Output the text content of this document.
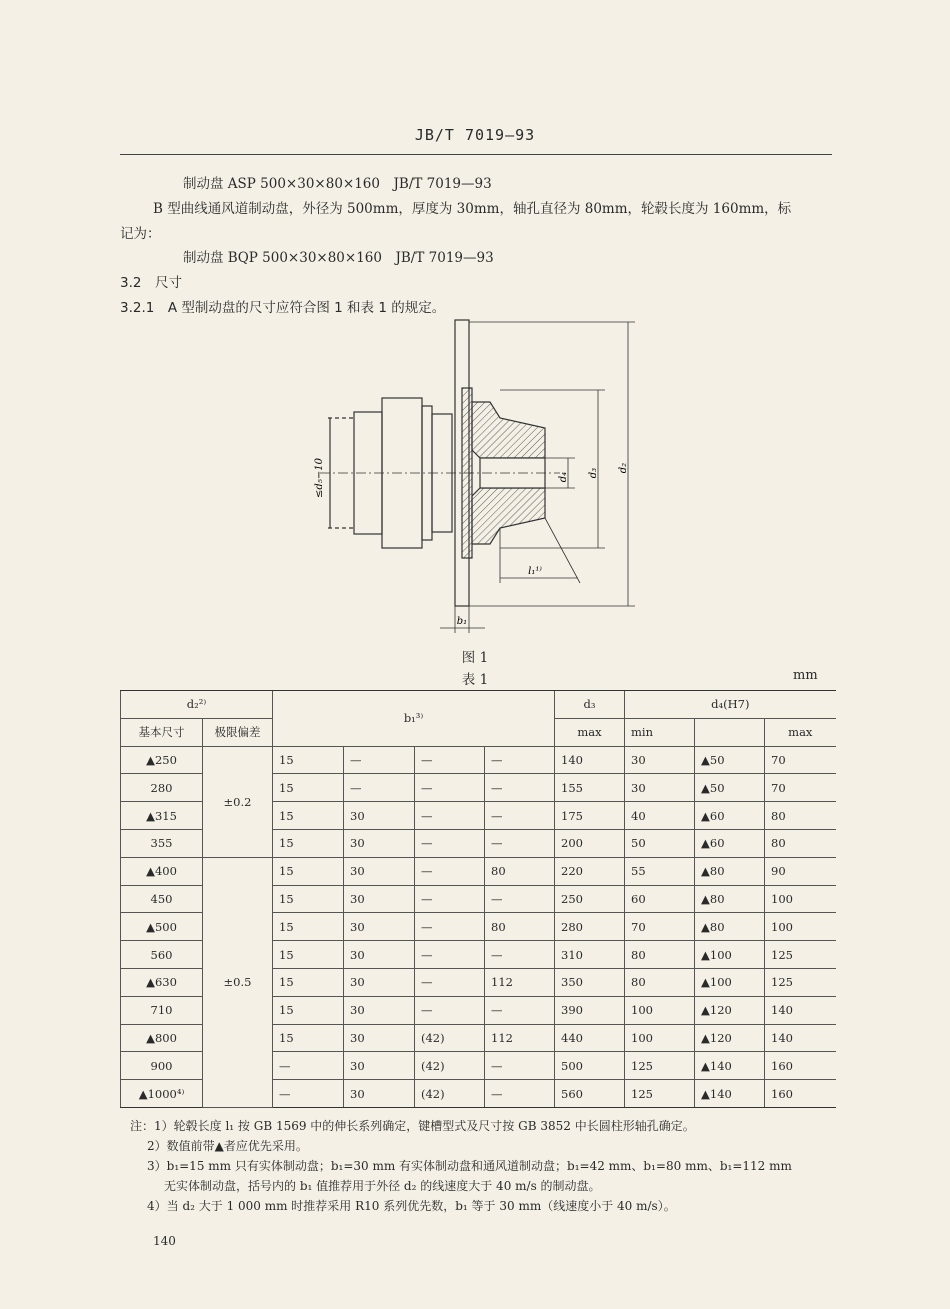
JB/T 7019—93
制动盘 ASP 500×30×80×160　JB/T 7019—93
B 型曲线通风道制动盘，外径为 500mm，厚度为 30mm，轴孔直径为 80mm，轮毂长度为 160mm，标
记为：
制动盘 BQP 500×30×80×160　JB/T 7019—93
3.2　尺寸
3.2.1　A 型制动盘的尺寸应符合图 1 和表 1 的规定。
≤d₅−10	d₄ d₃ d₂
l₁¹⁾
b₁
图 1
表 1	mm
d₂²⁾		b₁³⁾				d₃	d₄(H7)		
基本尺寸	极限偏差					max	min		max
▲250	±0.2	15	—	—	—	140	30	▲50	70
280		15	—	—	—	155	30	▲50	70
▲315		15	30	—	—	175	40	▲60	80
355		15	30	—	—	200	50	▲60	80
▲400	±0.5	15	30	—	80	220	55	▲80	90
450		15	30	—	—	250	60	▲80	100
▲500		15	30	—	80	280	70	▲80	100
560		15	30	—	—	310	80	▲100	125
▲630		15	30	—	112	350	80	▲100	125
710		15	30	—	—	390	100	▲120	140
▲800		15	30	(42)	112	440	100	▲120	140
900		—	30	(42)	—	500	125	▲140	160
▲1000⁴⁾		—	30	(42)	—	560	125	▲140	160
注：1）轮毂长度 l₁ 按 GB 1569 中的伸长系列确定，键槽型式及尺寸按 GB 3852 中长圆柱形轴孔确定。
2）数值前带▲者应优先采用。
3）b₁=15 mm 只有实体制动盘；b₁=30 mm 有实体制动盘和通风道制动盘；b₁=42 mm、b₁=80 mm、b₁=112 mm
无实体制动盘，括号内的 b₁ 值推荐用于外径 d₂ 的线速度大于 40 m/s 的制动盘。
4）当 d₂ 大于 1 000 mm 时推荐采用 R10 系列优先数，b₁ 等于 30 mm（线速度小于 40 m/s）。
140
